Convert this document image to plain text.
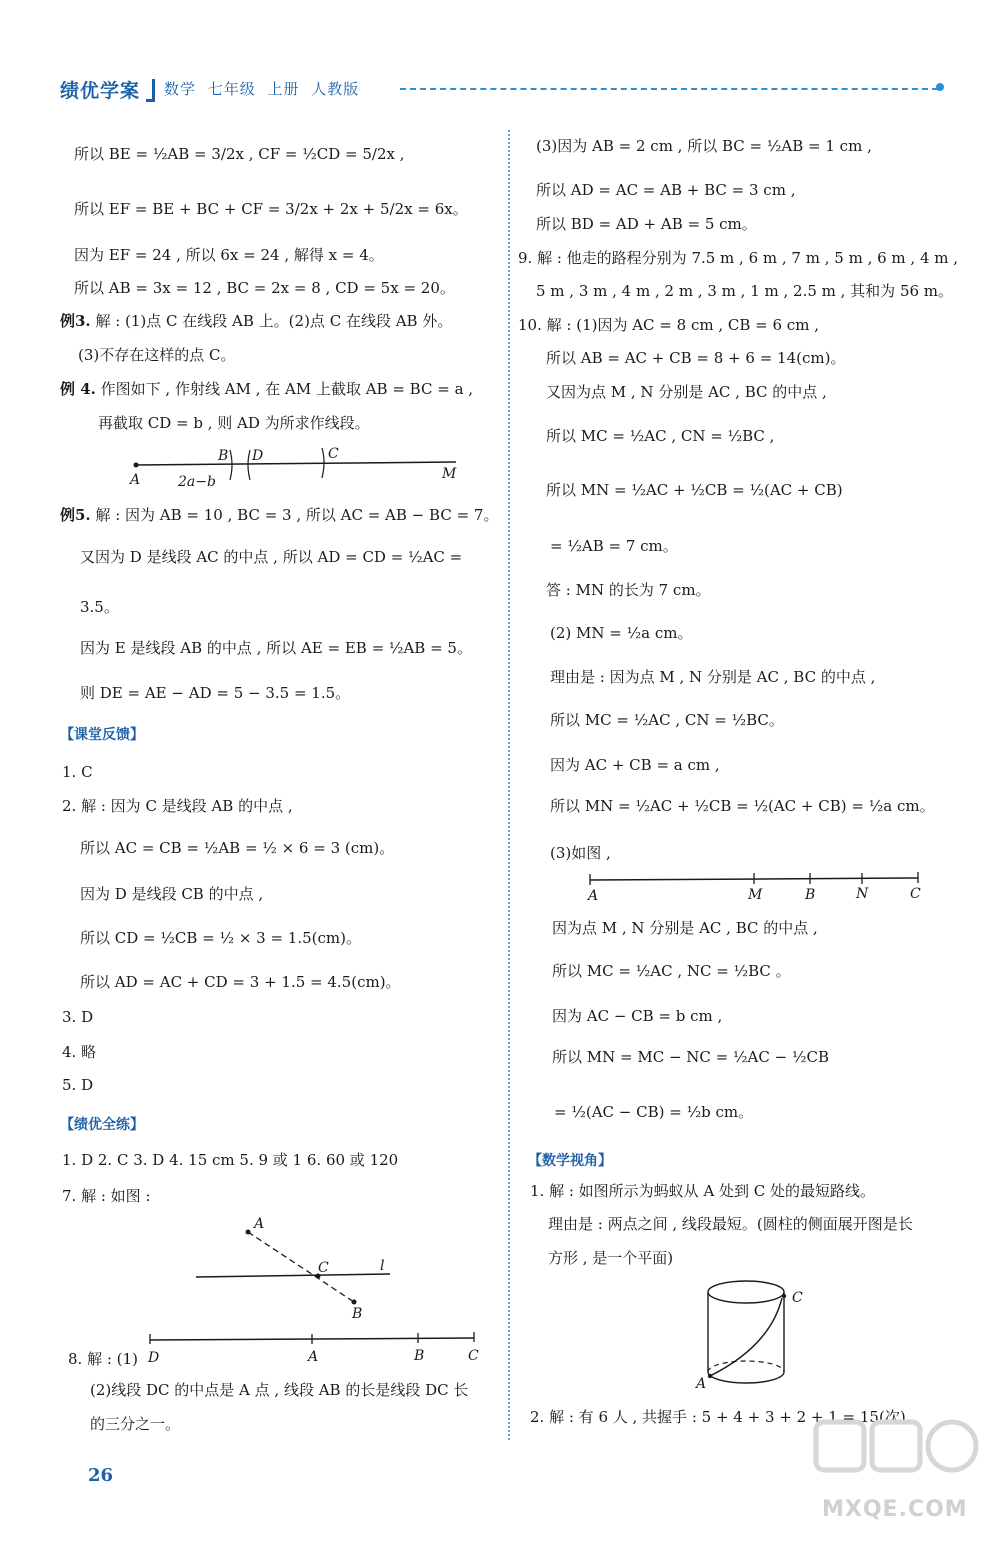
绩优学案 数学 七年级 上册 人教版
所以 BE = ½AB = 3/2x , CF = ½CD = 5/2x ,
所以 EF = BE + BC + CF = 3/2x + 2x + 5/2x = 6x。
因为 EF = 24 , 所以 6x = 24 , 解得 x = 4。
所以 AB = 3x = 12 , BC = 2x = 8 , CD = 5x = 20。
例3. 解 : (1)点 C 在线段 AB 上。(2)点 C 在线段 AB 外。
(3)不存在这样的点 C。
例 4. 作图如下 , 作射线 AM , 在 AM 上截取 AB = BC = a ,
再截取 CD = b , 则 AD 为所求作线段。
A
B D	C
M
2a−b
例5. 解 : 因为 AB = 10 , BC = 3 , 所以 AC = AB − BC = 7。
又因为 D 是线段 AC 的中点 , 所以 AD = CD = ½AC =
3.5。
因为 E 是线段 AB 的中点 , 所以 AE = EB = ½AB = 5。
则 DE = AE − AD = 5 − 3.5 = 1.5。
【课堂反馈】
1. C
2. 解 : 因为 C 是线段 AB 的中点 ,
所以 AC = CB = ½AB = ½ × 6 = 3 (cm)。
因为 D 是线段 CB 的中点 ,
所以 CD = ½CB = ½ × 3 = 1.5(cm)。
所以 AD = AC + CD = 3 + 1.5 = 4.5(cm)。
3. D
4. 略
5. D
【绩优全练】
1. D 2. C 3. D 4. 15 cm 5. 9 或 1 6. 60 或 120
7. 解 : 如图 :
A
C	l
B
D	A	B	C
8. 解 : (1)
(2)线段 DC 的中点是 A 点 , 线段 AB 的长是线段 DC 长
的三分之一。
(3)因为 AB = 2 cm , 所以 BC = ½AB = 1 cm ,
所以 AD = AC = AB + BC = 3 cm ,
所以 BD = AD + AB = 5 cm。
9. 解 : 他走的路程分别为 7.5 m , 6 m , 7 m , 5 m , 6 m , 4 m ,
5 m , 3 m , 4 m , 2 m , 3 m , 1 m , 2.5 m , 其和为 56 m。
10. 解 : (1)因为 AC = 8 cm , CB = 6 cm ,
所以 AB = AC + CB = 8 + 6 = 14(cm)。
又因为点 M , N 分别是 AC , BC 的中点 ,
所以 MC = ½AC , CN = ½BC ,
所以 MN = ½AC + ½CB = ½(AC + CB)
= ½AB = 7 cm。
答 : MN 的长为 7 cm。
(2) MN = ½a cm。
理由是 : 因为点 M , N 分别是 AC , BC 的中点 ,
所以 MC = ½AC , CN = ½BC。
因为 AC + CB = a cm ,
所以 MN = ½AC + ½CB = ½(AC + CB) = ½a cm。
(3)如图 ,
A	M	B	N	C
因为点 M , N 分别是 AC , BC 的中点 ,
所以 MC = ½AC , NC = ½BC 。
因为 AC − CB = b cm ,
所以 MN = MC − NC = ½AC − ½CB
= ½(AC − CB) = ½b cm。
【数学视角】
1. 解 : 如图所示为蚂蚁从 A 处到 C 处的最短路线。
理由是 : 两点之间 , 线段最短。(圆柱的侧面展开图是长
方形 , 是一个平面)
C
A
2. 解 : 有 6 人 , 共握手 : 5 + 4 + 3 + 2 + 1 = 15(次)。
26
MXQE.COM
